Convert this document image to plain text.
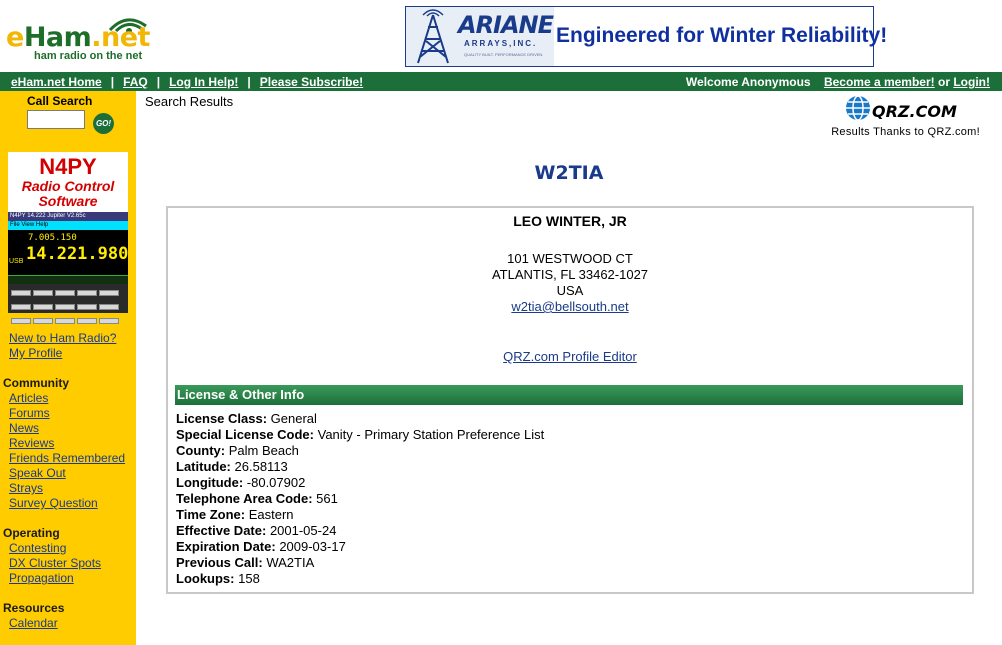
eHam.net
ham radio on the net
ARIANE
ARRAYS,INC.
QUALITY BUILT. PERFORMANCE DRIVEN.
Engineered for Winter Reliability!
eHam.net Home | FAQ | Log In Help! | Please Subscribe!	Welcome Anonymous Become a member! or Login!
Call Search
GO!
N4PY
Radio Control
Software
N4PY 14.222 Jupiter V2.65c
File View Help
7.005.150
14.221.980
USB
New to Ham Radio?
My Profile
Community
Articles
Forums
News
Reviews
Friends Remembered
Speak Out
Strays
Survey Question
Operating
Contesting
DX Cluster Spots
Propagation
Resources
Calendar
Search Results
QRZ.COM
Results Thanks to QRZ.com!
W2TIA
LEO WINTER, JR
101 WESTWOOD CT
ATLANTIS, FL 33462-1027
USA
w2tia@bellsouth.net
QRZ.com Profile Editor
License & Other Info
License Class: General
Special License Code: Vanity - Primary Station Preference List
County: Palm Beach
Latitude: 26.58113
Longitude: -80.07902
Telephone Area Code: 561
Time Zone: Eastern
Effective Date: 2001-05-24
Expiration Date: 2009-03-17
Previous Call: WA2TIA
Lookups: 158
